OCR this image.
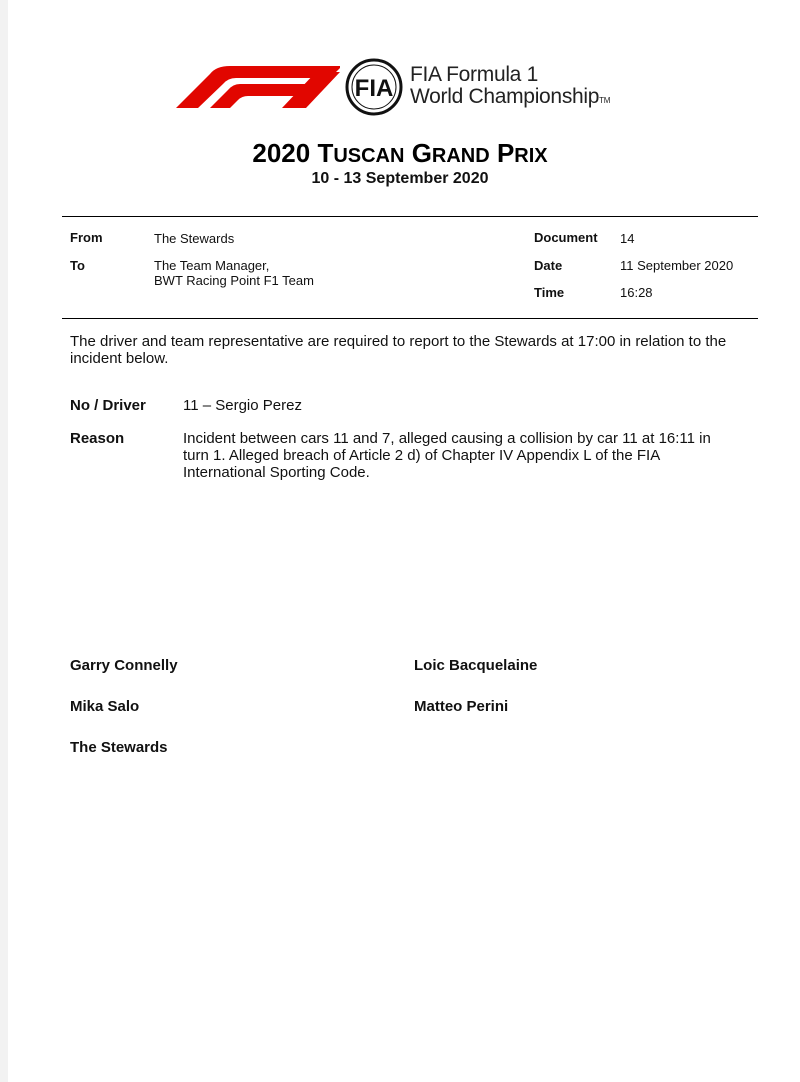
FIA
FIA Formula 1
World ChampionshipTM
2020 TUSCAN GRAND PRIX
10 - 13 September 2020
From	The Stewards
To	The Team Manager,
BWT Racing Point F1 Team
Document 14
Date	11 September 2020
Time	16:28
The driver and team representative are required to report to the Stewards at 17:00 in relation to the
incident below.
No / Driver 11 – Sergio Perez
Reason	Incident between cars 11 and 7, alleged causing a collision by car 11 at 16:11 in
turn 1. Alleged breach of Article 2 d) of Chapter IV Appendix L of the FIA
International Sporting Code.
Garry Connelly	Loic Bacquelaine
Mika Salo	Matteo Perini
The Stewards
